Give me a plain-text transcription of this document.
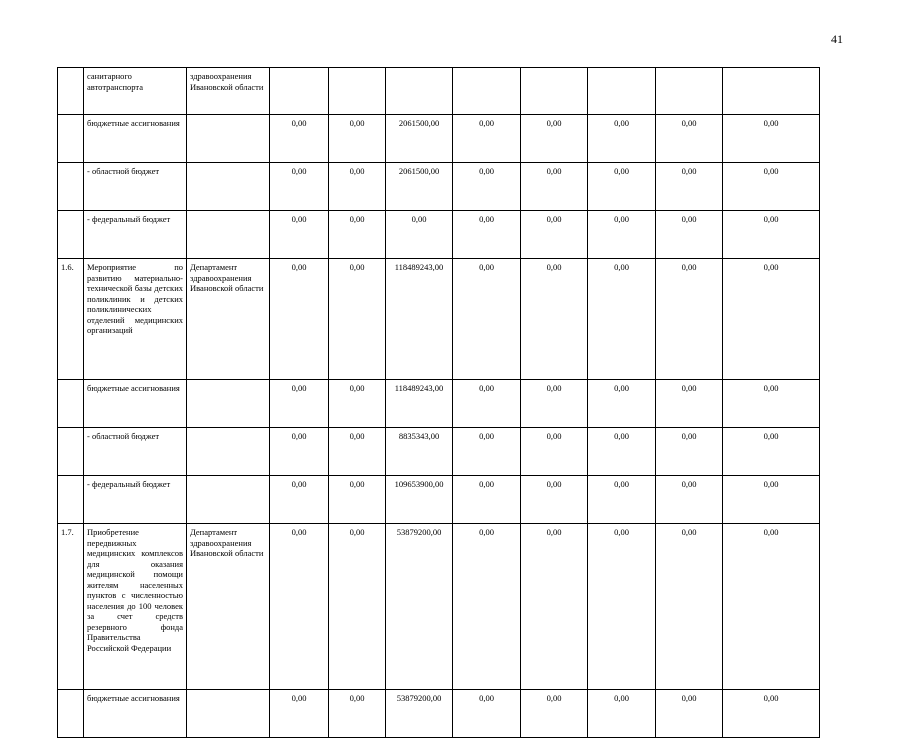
41
	санитарного автотранспорта	здравоохранения Ивановской области									
	бюджетные ассигнования		0,00	0,00	2061500,00	0,00	0,00	0,00	0,00	0,00	
	- областной бюджет		0,00	0,00	2061500,00	0,00	0,00	0,00	0,00	0,00	
	- федеральный бюджет		0,00	0,00	0,00	0,00	0,00	0,00	0,00	0,00	
1.6.	Мероприятие по развитию материально-технической базы детских поликлиник и детских поликлинических отделений медицинских организаций	Департамент здравоохранения Ивановской области	0,00	0,00	118489243,00	0,00	0,00	0,00	0,00	0,00	
	бюджетные ассигнования		0,00	0,00	118489243,00	0,00	0,00	0,00	0,00	0,00	
	- областной бюджет		0,00	0,00	8835343,00	0,00	0,00	0,00	0,00	0,00	
	- федеральный бюджет		0,00	0,00	109653900,00	0,00	0,00	0,00	0,00	0,00	
1.7.	Приобретение передвижных медицинских комплексов для оказания медицинской помощи жителям населенных пунктов с численностью населения до 100 человек за счет средств резервного фонда Правительства Российской Федерации	Департамент здравоохранения Ивановской области	0,00	0,00	53879200,00	0,00	0,00	0,00	0,00	0,00	
	бюджетные ассигнования		0,00	0,00	53879200,00	0,00	0,00	0,00	0,00	0,00	
